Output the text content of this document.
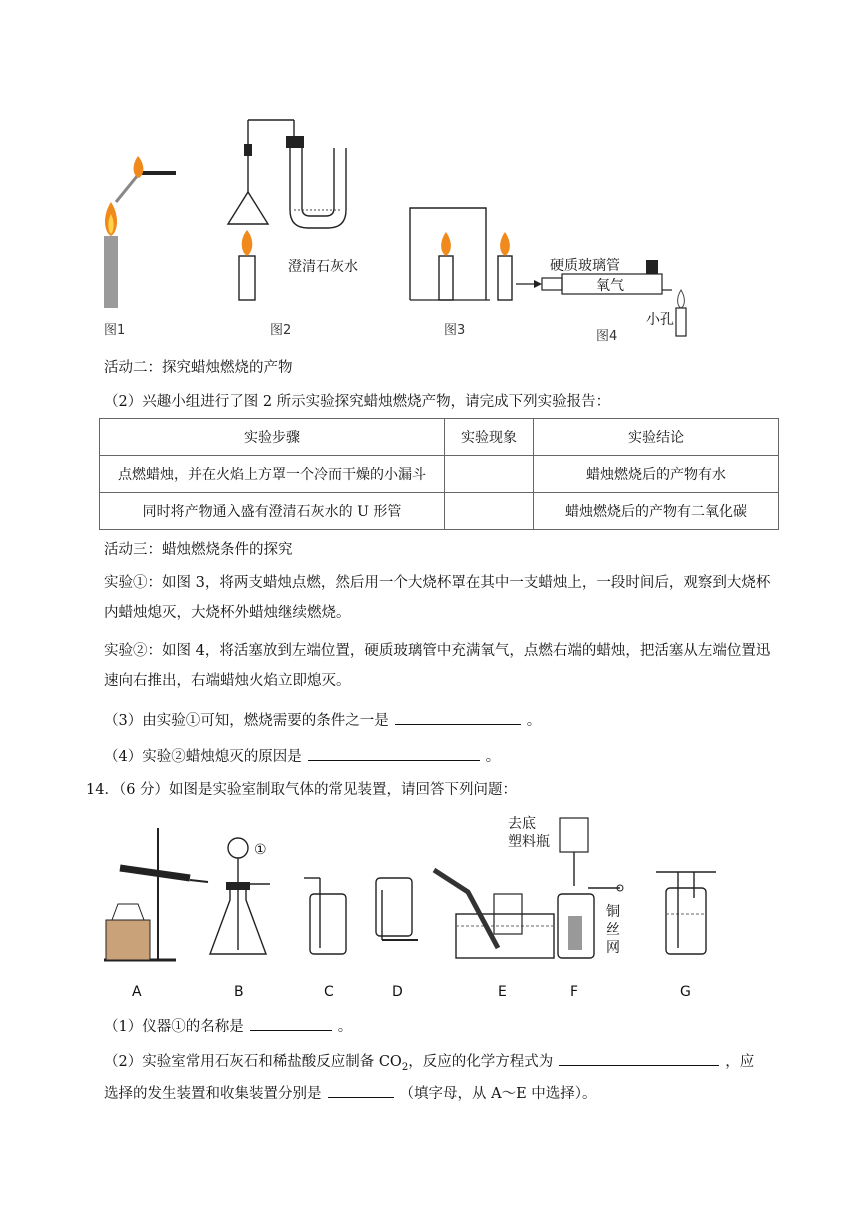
图1
澄清石灰水
图2	图3
硬质玻璃管
氧气
小孔
图4
活动二：探究蜡烛燃烧的产物
（2）兴趣小组进行了图 2 所示实验探究蜡烛燃烧产物，请完成下列实验报告：
实验步骤	实验现象	实验结论
点燃蜡烛，并在火焰上方罩一个冷而干燥的小漏斗		蜡烛燃烧后的产物有水
同时将产物通入盛有澄清石灰水的 U 形管		蜡烛燃烧后的产物有二氧化碳
活动三：蜡烛燃烧条件的探究
实验①：如图 3，将两支蜡烛点燃，然后用一个大烧杯罩在其中一支蜡烛上，一段时间后，观察到大烧杯内蜡烛熄灭，大烧杯外蜡烛继续燃烧。
实验②：如图 4，将活塞放到左端位置，硬质玻璃管中充满氧气，点燃右端的蜡烛，把活塞从左端位置迅速向右推出，右端蜡烛火焰立即熄灭。
（3）由实验①可知，燃烧需要的条件之一是	。
（4）实验②蜡烛熄灭的原因是	。
14．（6 分）如图是实验室制取气体的常见装置，请回答下列问题：
A
①
B	C	D	E
去底
塑料瓶
铜
丝
网
F	G
（1）仪器①的名称是	。
（2）实验室常用石灰石和稀盐酸反应制备 $CO_2$，反应的化学方程式为	，应
选择的发生装置和收集装置分别是	（填字母，从 A～E 中选择）。
